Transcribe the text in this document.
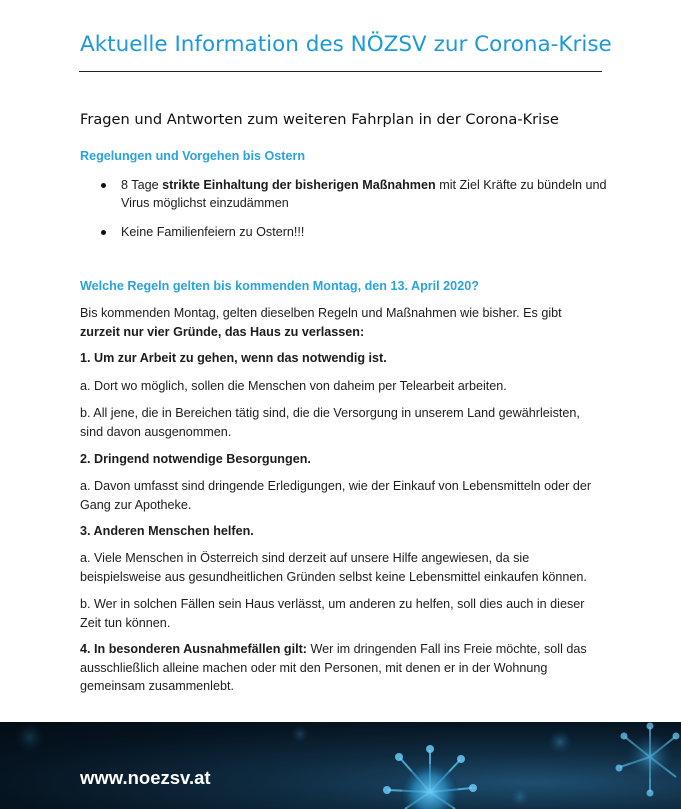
Aktuelle Information des NÖZSV zur Corona-Krise
Fragen und Antworten zum weiteren Fahrplan in der Corona-Krise
Regelungen und Vorgehen bis Ostern
8 Tage strikte Einhaltung der bisherigen Maßnahmen mit Ziel Kräfte zu bündeln und Virus möglichst einzudämmen
Keine Familienfeiern zu Ostern!!!
Welche Regeln gelten bis kommenden Montag, den 13. April 2020?

Bis kommenden Montag, gelten dieselben Regeln und Maßnahmen wie bisher. Es gibt zurzeit nur vier Gründe, das Haus zu verlassen:

1. Um zur Arbeit zu gehen, wenn das notwendig ist.

a. Dort wo möglich, sollen die Menschen von daheim per Telearbeit arbeiten.

b. All jene, die in Bereichen tätig sind, die die Versorgung in unserem Land gewährleisten, sind davon ausgenommen.

2. Dringend notwendige Besorgungen.

a. Davon umfasst sind dringende Erledigungen, wie der Einkauf von Lebensmitteln oder der Gang zur Apotheke.

3. Anderen Menschen helfen.

a. Viele Menschen in Österreich sind derzeit auf unsere Hilfe angewiesen, da sie beispielsweise aus gesundheitlichen Gründen selbst keine Lebensmittel einkaufen können.

b. Wer in solchen Fällen sein Haus verlässt, um anderen zu helfen, soll dies auch in dieser Zeit tun können.

4. In besonderen Ausnahmefällen gilt: Wer im dringenden Fall ins Freie möchte, soll das ausschließlich alleine machen oder mit den Personen, mit denen er in der Wohnung gemeinsam zusammenlebt.

www.noezsv.at
